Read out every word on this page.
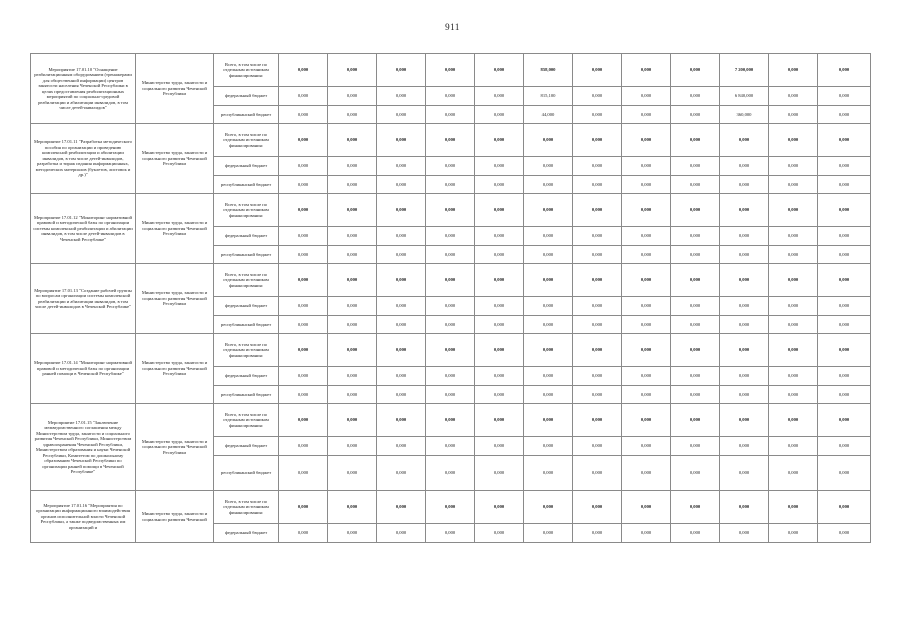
911
Мероприятие 17.01.10 "Оснащение реабилитационным оборудованием (тренажерами для общественной информации) центров занятости населения Чеченской Республики в целях предоставления реабилитационных мероприятий по социально-средовой реабилитации и абилитации инвалидов, в том числе детей-инвалидов"	Министерство труда, занятости и социального развития Чеченской Республики	Всего, в том числе по отдельным источникам финансирования:	0,000	0,000	0,000	0,000	0,000	858,000	0,000	0,000	0,000	7 200,000	0,000	0,000
		федеральный бюджет	0,000	0,000	0,000	0,000	0,000	815,100	0,000	0,000	0,000	6 840,000	0,000	0,000
		республиканский бюджет	0,000	0,000	0,000	0,000	0,000	44,000	0,000	0,000	0,000	360,000	0,000	0,000
Мероприятие 17.01.11 "Разработка методического пособия по организации и проведению комплексной реабилитации и абилитации инвалидов, в том числе детей-инвалидов, разработка и тираж издания информационных, методических материалов (буклетов, листовок и др.)"	Министерство труда, занятости и социального развития Чеченской Республики	Всего, в том числе по отдельным источникам финансирования:	0,000	0,000	0,000	0,000	0,000	0,000	0,000	0,000	0,000	0,000	0,000	0,000
		федеральный бюджет	0,000	0,000	0,000	0,000	0,000	0,000	0,000	0,000	0,000	0,000	0,000	0,000
		республиканский бюджет	0,000	0,000	0,000	0,000	0,000	0,000	0,000	0,000	0,000	0,000	0,000	0,000
Мероприятие 17.01.12 "Мониторинг нормативной правовой и методической базы по организации системы комплексной реабилитации и абилитации инвалидов, в том числе детей-инвалидов в Чеченской Республике"	Министерство труда, занятости и социального развития Чеченской Республики	Всего, в том числе по отдельным источникам финансирования:	0,000	0,000	0,000	0,000	0,000	0,000	0,000	0,000	0,000	0,000	0,000	0,000
		федеральный бюджет	0,000	0,000	0,000	0,000	0,000	0,000	0,000	0,000	0,000	0,000	0,000	0,000
		республиканский бюджет	0,000	0,000	0,000	0,000	0,000	0,000	0,000	0,000	0,000	0,000	0,000	0,000
Мероприятие 17.01.13 "Создание рабочей группы по вопросам организации системы комплексной реабилитации и абилитации инвалидов, в том числе детей-инвалидов в Чеченской Республике"	Министерство труда, занятости и социального развития Чеченской Республики	Всего, в том числе по отдельным источникам финансирования:	0,000	0,000	0,000	0,000	0,000	0,000	0,000	0,000	0,000	0,000	0,000	0,000
		федеральный бюджет	0,000	0,000	0,000	0,000	0,000	0,000	0,000	0,000	0,000	0,000	0,000	0,000
		республиканский бюджет	0,000	0,000	0,000	0,000	0,000	0,000	0,000	0,000	0,000	0,000	0,000	0,000
Мероприятие 17.01.14 "Мониторинг нормативной правовой и методической базы по организации ранней помощи в Чеченской Республике"	Министерство труда, занятости и социального развития Чеченской Республики	Всего, в том числе по отдельным источникам финансирования:	0,000	0,000	0,000	0,000	0,000	0,000	0,000	0,000	0,000	0,000	0,000	0,000
		федеральный бюджет	0,000	0,000	0,000	0,000	0,000	0,000	0,000	0,000	0,000	0,000	0,000	0,000
		республиканский бюджет	0,000	0,000	0,000	0,000	0,000	0,000	0,000	0,000	0,000	0,000	0,000	0,000
Мероприятие 17.01.15 "Заключение межведомственного соглашения между Министерством труда, занятости и социального развития Чеченской Республики, Министерством здравоохранения Чеченской Республики, Министерством образования и науки Чеченской Республики, Комитетом по дошкольному образованию Чеченской Республики по организации ранней помощи в Чеченской Республике"	Министерство труда, занятости и социального развития Чеченской Республики	Всего, в том числе по отдельным источникам финансирования:	0,000	0,000	0,000	0,000	0,000	0,000	0,000	0,000	0,000	0,000	0,000	0,000
		федеральный бюджет	0,000	0,000	0,000	0,000	0,000	0,000	0,000	0,000	0,000	0,000	0,000	0,000
		республиканский бюджет	0,000	0,000	0,000	0,000	0,000	0,000	0,000	0,000	0,000	0,000	0,000	0,000
Мероприятие 17.01.16 "Мероприятия по организации информационного взаимодействия органов исполнительной власти Чеченской Республики, а также подведомственных им организаций и	Министерство труда, занятости и социального развития Чеченской	Всего, в том числе по отдельным источникам финансирования:	0,000	0,000	0,000	0,000	0,000	0,000	0,000	0,000	0,000	0,000	0,000	0,000
		федеральный бюджет	0,000	0,000	0,000	0,000	0,000	0,000	0,000	0,000	0,000	0,000	0,000	0,000
